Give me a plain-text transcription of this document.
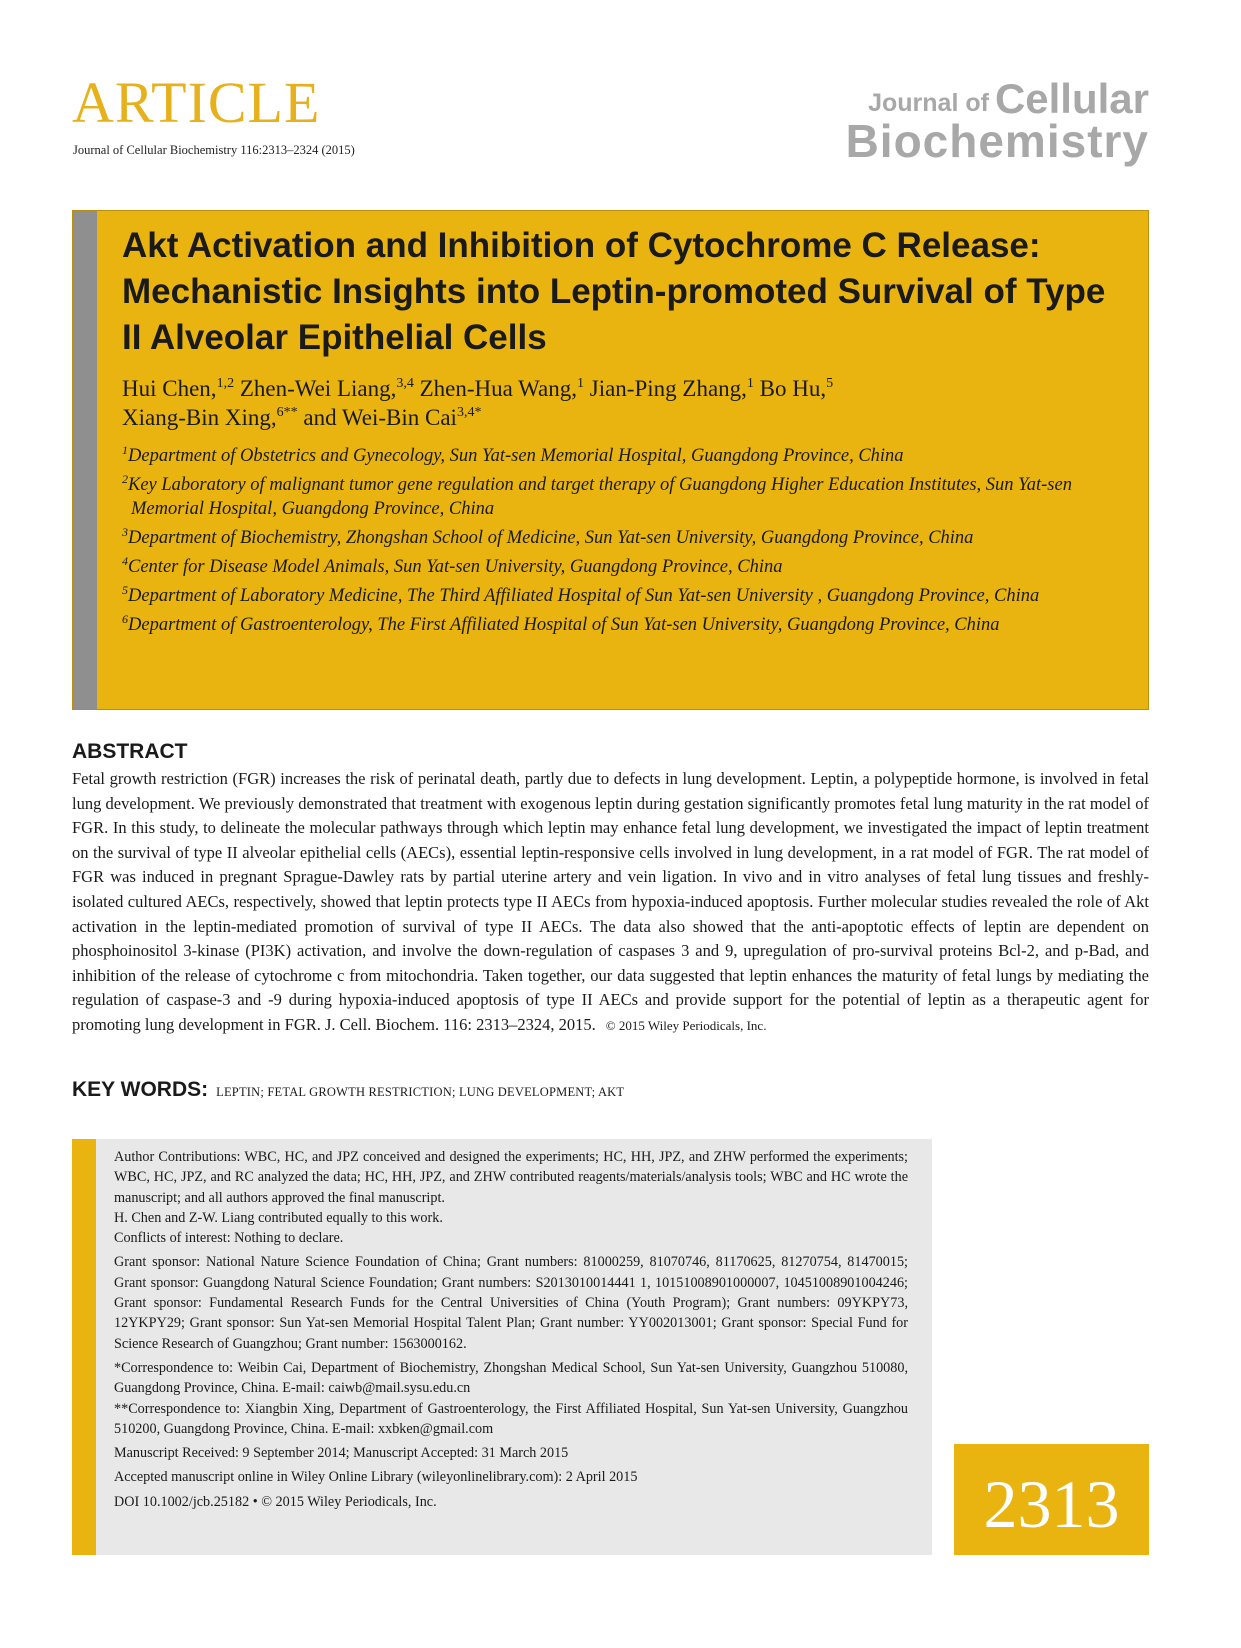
ARTICLE
Journal of Cellular Biochemistry 116:2313–2324 (2015)
Journal of Cellular
Biochemistry
Akt Activation and Inhibition of Cytochrome C Release: Mechanistic Insights into Leptin-promoted Survival of Type II Alveolar Epithelial Cells
Hui Chen,$^{1,2}$ Zhen-Wei Liang,$^{3,4}$ Zhen-Hua Wang,$^1$ Jian-Ping Zhang,$^1$ Bo Hu,$^5$
Xiang-Bin Xing,$^{6**}$ and Wei-Bin Cai$^{3,4*}$
$^1$Department of Obstetrics and Gynecology, Sun Yat-sen Memorial Hospital, Guangdong Province, China
$^2$Key Laboratory of malignant tumor gene regulation and target therapy of Guangdong Higher Education Institutes, Sun Yat-sen Memorial Hospital, Guangdong Province, China
$^3$Department of Biochemistry, Zhongshan School of Medicine, Sun Yat-sen University, Guangdong Province, China
$^4$Center for Disease Model Animals, Sun Yat-sen University, Guangdong Province, China
$^5$Department of Laboratory Medicine, The Third Affiliated Hospital of Sun Yat-sen University , Guangdong Province, China
$^6$Department of Gastroenterology, The First Affiliated Hospital of Sun Yat-sen University, Guangdong Province, China
ABSTRACT
Fetal growth restriction (FGR) increases the risk of perinatal death, partly due to defects in lung development. Leptin, a polypeptide hormone, is involved in fetal lung development. We previously demonstrated that treatment with exogenous leptin during gestation significantly promotes fetal lung maturity in the rat model of FGR. In this study, to delineate the molecular pathways through which leptin may enhance fetal lung development, we investigated the impact of leptin treatment on the survival of type II alveolar epithelial cells (AECs), essential leptin-responsive cells involved in lung development, in a rat model of FGR. The rat model of FGR was induced in pregnant Sprague-Dawley rats by partial uterine artery and vein ligation. In vivo and in vitro analyses of fetal lung tissues and freshly-isolated cultured AECs, respectively, showed that leptin protects type II AECs from hypoxia-induced apoptosis. Further molecular studies revealed the role of Akt activation in the leptin-mediated promotion of survival of type II AECs. The data also showed that the anti-apoptotic effects of leptin are dependent on phosphoinositol 3-kinase (PI3K) activation, and involve the down-regulation of caspases 3 and 9, upregulation of pro-survival proteins Bcl-2, and p-Bad, and inhibition of the release of cytochrome c from mitochondria. Taken together, our data suggested that leptin enhances the maturity of fetal lungs by mediating the regulation of caspase-3 and -9 during hypoxia-induced apoptosis of type II AECs and provide support for the potential of leptin as a therapeutic agent for promoting lung development in FGR. J. Cell. Biochem. 116: 2313–2324, 2015. © 2015 Wiley Periodicals, Inc.
KEY WORDS: LEPTIN; FETAL GROWTH RESTRICTION; LUNG DEVELOPMENT; AKT

Author Contributions: WBC, HC, and JPZ conceived and designed the experiments; HC, HH, JPZ, and ZHW performed the experiments; WBC, HC, JPZ, and RC analyzed the data; HC, HH, JPZ, and ZHW contributed reagents/materials/analysis tools; WBC and HC wrote the manuscript; and all authors approved the final manuscript.

H. Chen and Z-W. Liang contributed equally to this work.

Conflicts of interest: Nothing to declare.

Grant sponsor: National Nature Science Foundation of China; Grant numbers: 81000259, 81070746, 81170625, 81270754, 81470015; Grant sponsor: Guangdong Natural Science Foundation; Grant numbers: S2013010014441 1, 10151008901000007, 10451008901004246; Grant sponsor: Fundamental Research Funds for the Central Universities of China (Youth Program); Grant numbers: 09YKPY73, 12YKPY29; Grant sponsor: Sun Yat-sen Memorial Hospital Talent Plan; Grant number: YY002013001; Grant sponsor: Special Fund for Science Research of Guangzhou; Grant number: 1563000162.

*Correspondence to: Weibin Cai, Department of Biochemistry, Zhongshan Medical School, Sun Yat-sen University, Guangzhou 510080, Guangdong Province, China. E-mail: caiwb@mail.sysu.edu.cn

**Correspondence to: Xiangbin Xing, Department of Gastroenterology, the First Affiliated Hospital, Sun Yat-sen University, Guangzhou 510200, Guangdong Province, China. E-mail: xxbken@gmail.com

Manuscript Received: 9 September 2014; Manuscript Accepted: 31 March 2015

Accepted manuscript online in Wiley Online Library (wileyonlinelibrary.com): 2 April 2015

DOI 10.1002/jcb.25182 • © 2015 Wiley Periodicals, Inc.	2313
